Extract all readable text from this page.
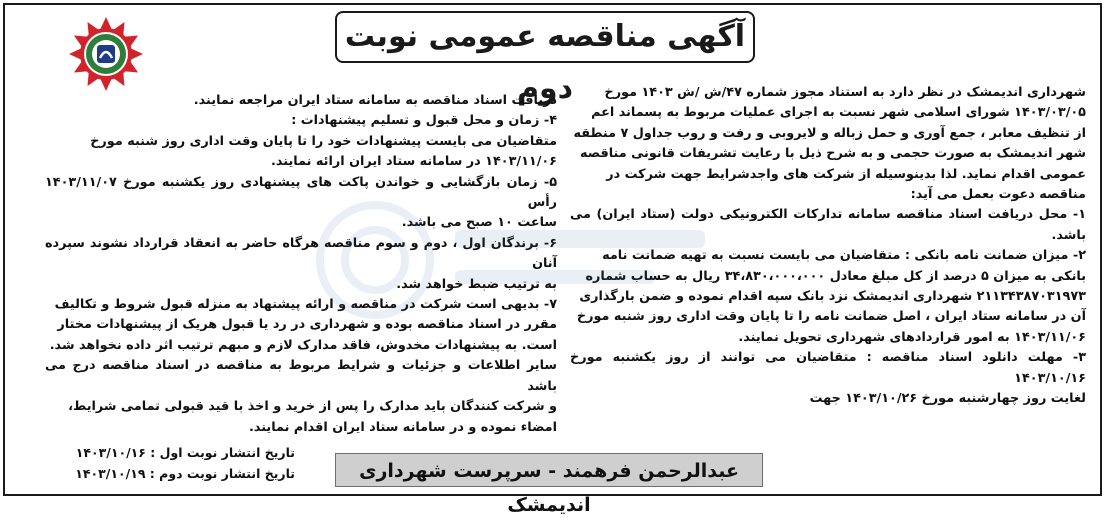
آگهی مناقصه عمومی نوبت دوم	شهرداری اندیمشک در نظر دارد به استناد مجوز شماره ۴۷/ش /ش ۱۴۰۳ مورخ

۱۴۰۳/۰۳/۰۵ شورای اسلامی شهر نسبت به اجرای عملیات مربوط به پسماند اعم

از تنظیف معابر ، جمع آوری و حمل زباله و لایروبی و رفت و روب جداول ۷ منطقه

شهر اندیمشک به صورت حجمی و به شرح ذیل با رعایت تشریفات قانونی مناقصه

عمومی اقدام نماید. لذا بدینوسیله از شرکت های واجدشرایط جهت شرکت در

مناقصه دعوت بعمل می آید:

۱- محل دریافت اسناد مناقصه سامانه تدارکات الکترونیکی دولت (ستاد ایران) می باشد.

۲- میزان ضمانت نامه بانکی : متقاضیان می بایست نسبت به تهیه ضمانت نامه

بانکی به میزان ۵ درصد از کل مبلغ معادل ۳۴،۸۳۰،۰۰۰،۰۰۰ ریال به حساب شماره

۲۱۱۳۴۳۸۷۰۳۱۹۷۳ شهرداری اندیمشک نزد بانک سپه اقدام نموده و ضمن بارگذاری

آن در سامانه ستاد ایران ، اصل ضمانت نامه را تا پایان وقت اداری روز شنبه مورخ

۱۴۰۳/۱۱/۰۶ به امور قراردادهای شهرداری تحویل نمایند.

۳- مهلت دانلود اسناد مناقصه : متقاضیان می توانند از روز یکشنبه مورخ ۱۴۰۳/۱۰/۱۶

لغایت روز چهارشنبه مورخ ۱۴۰۳/۱۰/۲۶ جهت

دریافت اسناد مناقصه به سامانه ستاد ایران مراجعه نمایند.

۴- زمان و محل قبول و تسلیم پیشنهادات :

متقاضیان می بایست پیشنهادات خود را تا پایان وقت اداری روز شنبه مورخ

۱۴۰۳/۱۱/۰۶ در سامانه ستاد ایران ارائه نمایند.

۵- زمان بازگشایی و خواندن پاکت های پیشنهادی روز یکشنبه مورخ ۱۴۰۳/۱۱/۰۷ رأس

ساعت ۱۰ صبح می باشد.

۶- برندگان اول ، دوم و سوم مناقصه هرگاه حاضر به انعقاد قرارداد نشوند سپرده آنان

به ترتیب ضبط خواهد شد.

۷- بدیهی است شرکت در مناقصه و ارائه پیشنهاد به منزله قبول شروط و تکالیف

مقرر در اسناد مناقصه بوده و شهرداری در رد یا قبول هریک از پیشنهادات مختار

است. به پیشنهادات مخدوش، فاقد مدارک لازم و مبهم ترتیب اثر داده نخواهد شد.

سایر اطلاعات و جزئیات و شرایط مربوط به مناقصه در اسناد مناقصه درج می باشد

و شرکت کنندگان باید مدارک را پس از خرید و اخذ با قید قبولی تمامی شرایط،

امضاء نموده و در سامانه ستاد ایران اقدام نمایند.

تاریخ انتشار نوبت اول : ۱۴۰۳/۱۰/۱۶
تاریخ انتشار نوبت دوم : ۱۴۰۳/۱۰/۱۹	عبدالرحمن فرهمند - سرپرست شهرداری اندیمشک
